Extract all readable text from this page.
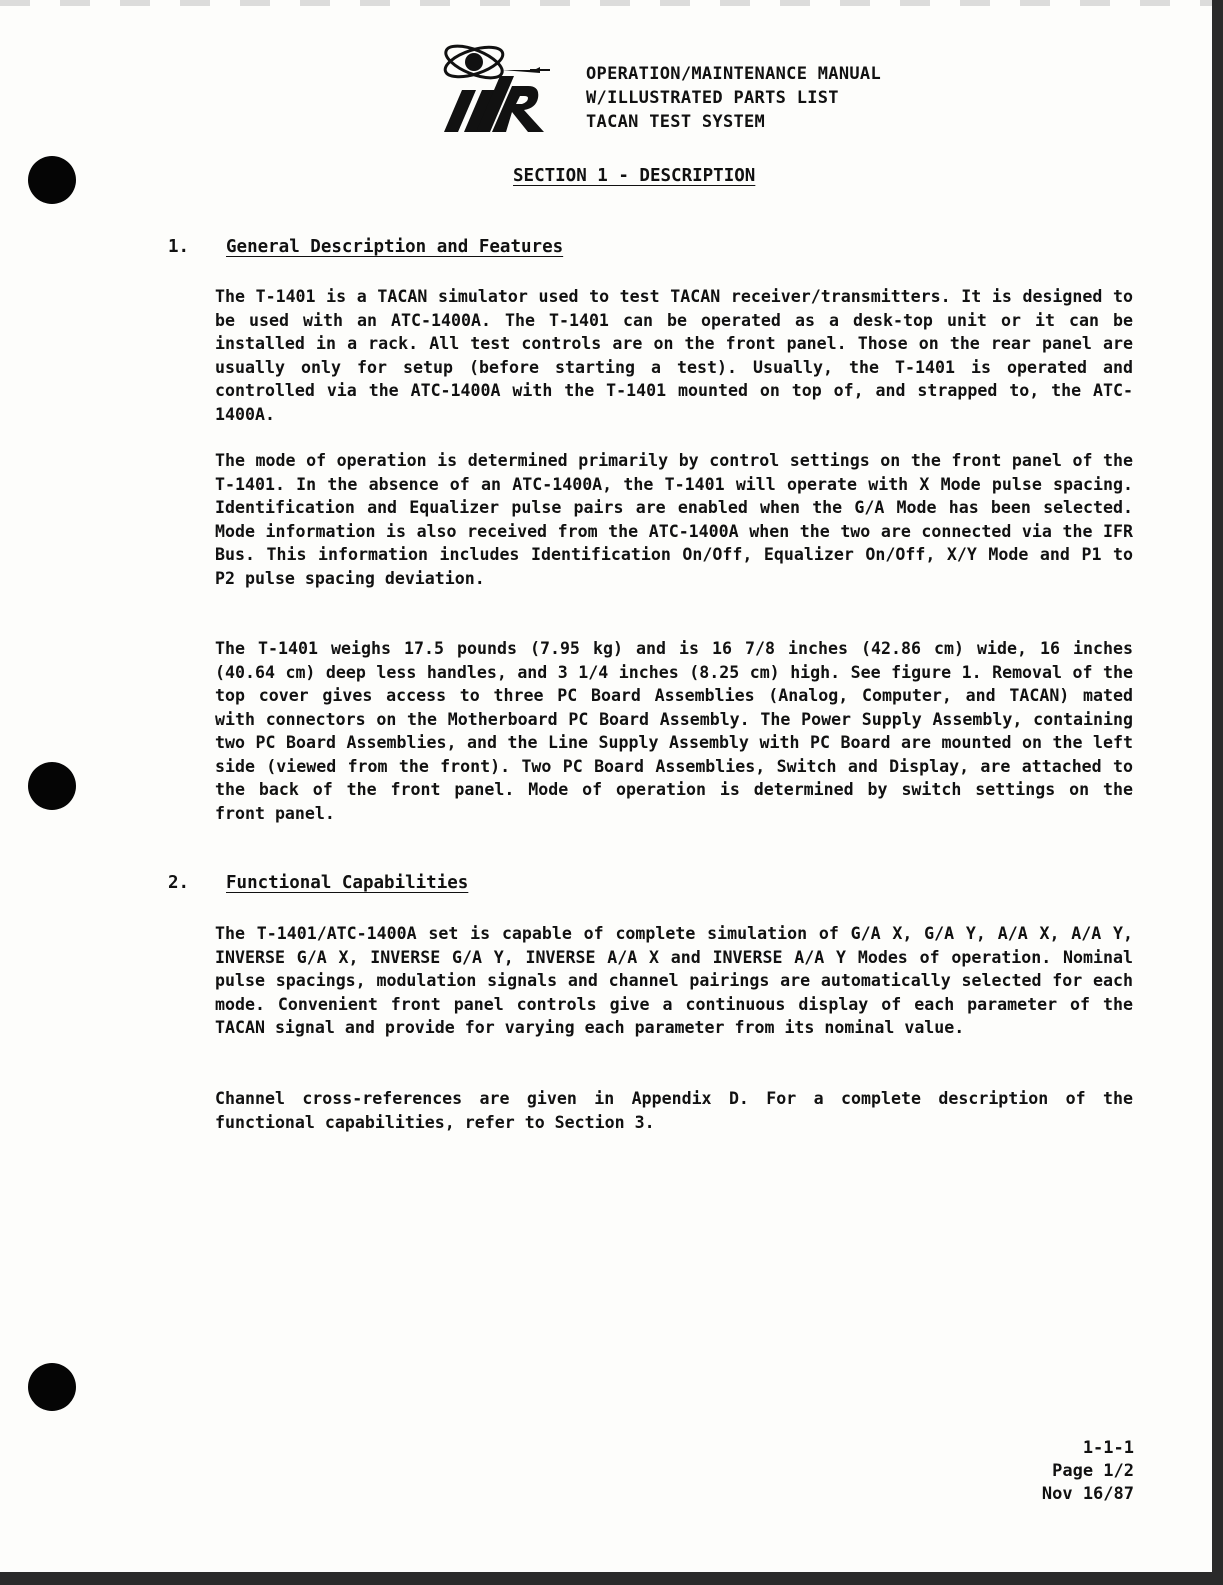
OPERATION/MAINTENANCE MANUAL
W/ILLUSTRATED PARTS LIST
TACAN TEST SYSTEM
SECTION 1 - DESCRIPTION
1. General Description and Features

The T-1401 is a TACAN simulator used to test TACAN receiver/transmitters. It is designed to be used with an ATC-1400A. The T-1401 can be operated as a desk-top unit or it can be installed in a rack. All test controls are on the front panel. Those on the rear panel are usually only for setup (before starting a test). Usually, the T-1401 is operated and controlled via the ATC-1400A with the T-1401 mounted on top of, and strapped to, the ATC-1400A.

The mode of operation is determined primarily by control settings on the front panel of the T-1401. In the absence of an ATC-1400A, the T-1401 will operate with X Mode pulse spacing. Identification and Equalizer pulse pairs are enabled when the G/A Mode has been selected. Mode information is also received from the ATC-1400A when the two are connected via the IFR Bus. This information includes Identification On/Off, Equalizer On/Off, X/Y Mode and P1 to P2 pulse spacing deviation.

The T-1401 weighs 17.5 pounds (7.95 kg) and is 16 7/8 inches (42.86 cm) wide, 16 inches (40.64 cm) deep less handles, and 3 1/4 inches (8.25 cm) high. See figure 1. Removal of the top cover gives access to three PC Board Assemblies (Analog, Computer, and TACAN) mated with connectors on the Motherboard PC Board Assembly. The Power Supply Assembly, containing two PC Board Assemblies, and the Line Supply Assembly with PC Board are mounted on the left side (viewed from the front). Two PC Board Assemblies, Switch and Display, are attached to the back of the front panel. Mode of operation is determined by switch settings on the front panel.

2. Functional Capabilities

The T-1401/ATC-1400A set is capable of complete simulation of G/A X, G/A Y, A/A X, A/A Y, INVERSE G/A X, INVERSE G/A Y, INVERSE A/A X and INVERSE A/A Y Modes of operation. Nominal pulse spacings, modulation signals and channel pairings are automatically selected for each mode. Convenient front panel controls give a continuous display of each parameter of the TACAN signal and provide for varying each parameter from its nominal value.

Channel cross-references are given in Appendix D. For a complete description of the functional capabilities, refer to Section 3.

1-1-1
Page 1/2
Nov 16/87
